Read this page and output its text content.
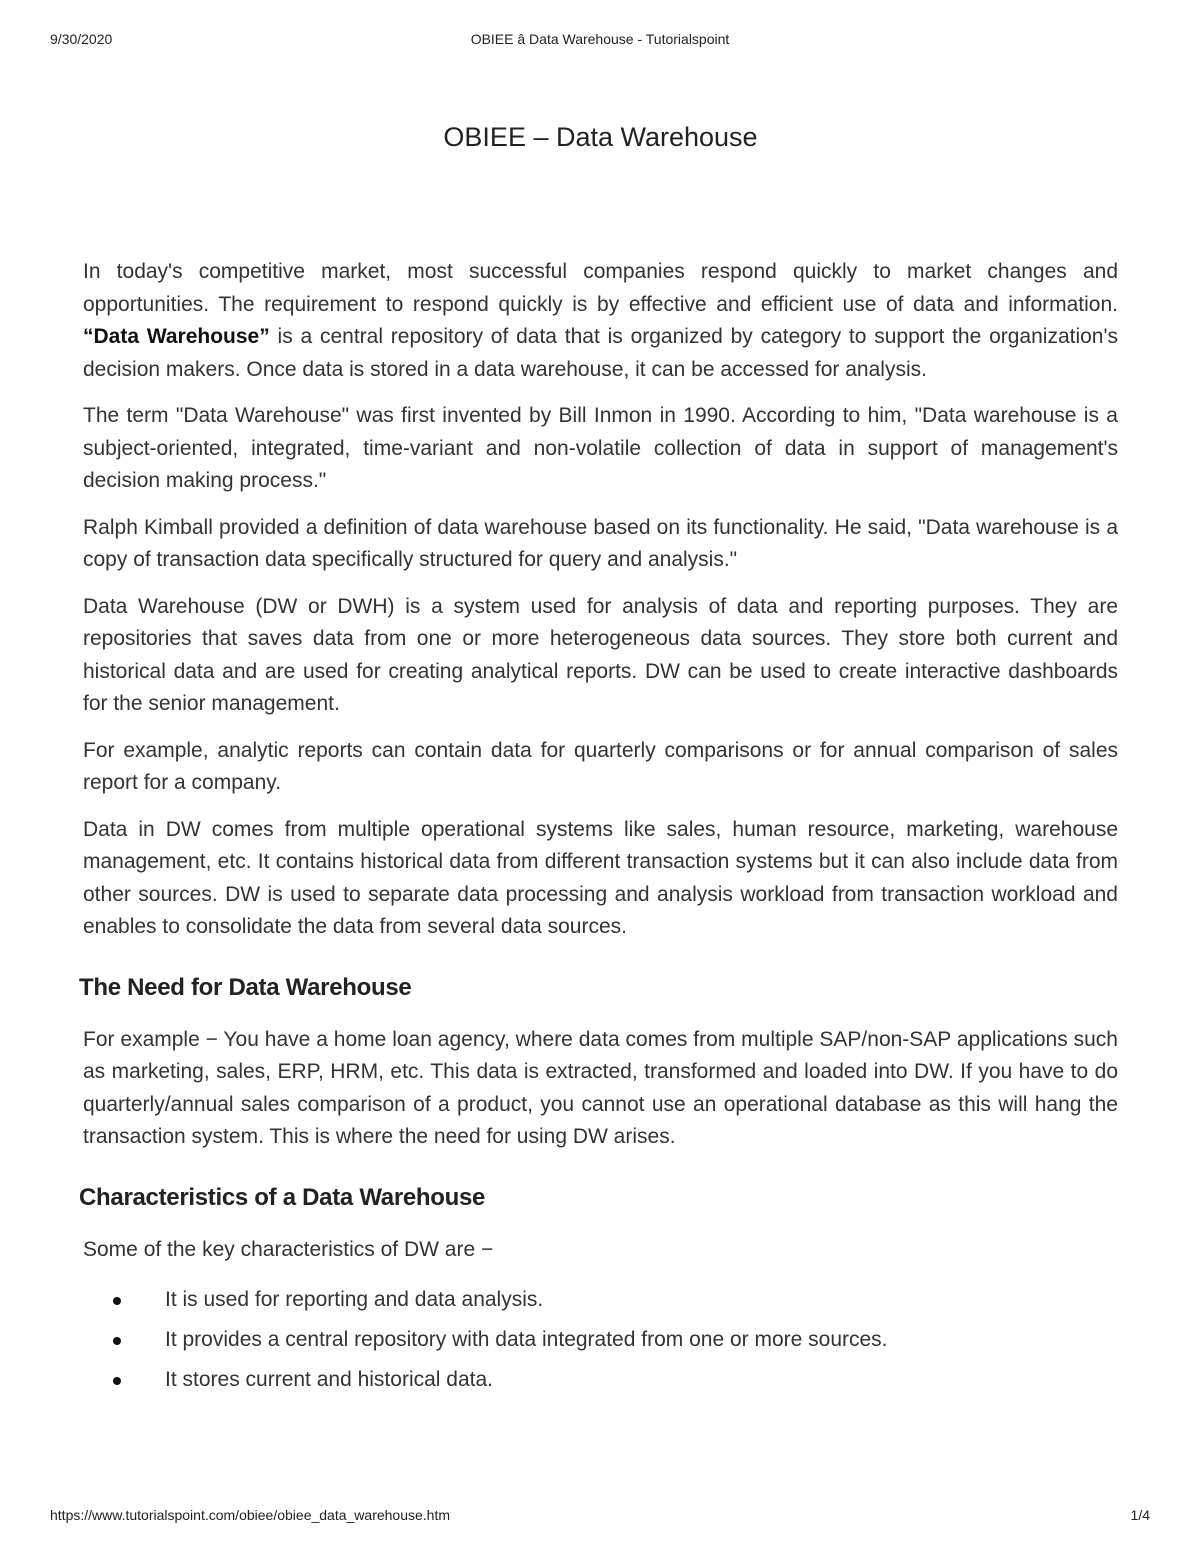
9/30/2020	OBIEE â Data Warehouse - Tutorialspoint
OBIEE – Data Warehouse

In today's competitive market, most successful companies respond quickly to market changes and opportunities. The requirement to respond quickly is by effective and efficient use of data and information. “Data Warehouse” is a central repository of data that is organized by category to support the organization's decision makers. Once data is stored in a data warehouse, it can be accessed for analysis.

The term "Data Warehouse" was first invented by Bill Inmon in 1990. According to him, "Data warehouse is a subject-oriented, integrated, time-variant and non-volatile collection of data in support of management's decision making process."

Ralph Kimball provided a definition of data warehouse based on its functionality. He said, "Data warehouse is a copy of transaction data specifically structured for query and analysis."

Data Warehouse (DW or DWH) is a system used for analysis of data and reporting purposes. They are repositories that saves data from one or more heterogeneous data sources. They store both current and historical data and are used for creating analytical reports. DW can be used to create interactive dashboards for the senior management.

For example, analytic reports can contain data for quarterly comparisons or for annual comparison of sales report for a company.

Data in DW comes from multiple operational systems like sales, human resource, marketing, warehouse management, etc. It contains historical data from different transaction systems but it can also include data from other sources. DW is used to separate data processing and analysis workload from transaction workload and enables to consolidate the data from several data sources.

The Need for Data Warehouse

For example − You have a home loan agency, where data comes from multiple SAP/non-SAP applications such as marketing, sales, ERP, HRM, etc. This data is extracted, transformed and loaded into DW. If you have to do quarterly/annual sales comparison of a product, you cannot use an operational database as this will hang the transaction system. This is where the need for using DW arises.

Characteristics of a Data Warehouse

Some of the key characteristics of DW are −

It is used for reporting and data analysis.
It provides a central repository with data integrated from one or more sources.
It stores current and historical data.
https://www.tutorialspoint.com/obiee/obiee_data_warehouse.htm	1/4
